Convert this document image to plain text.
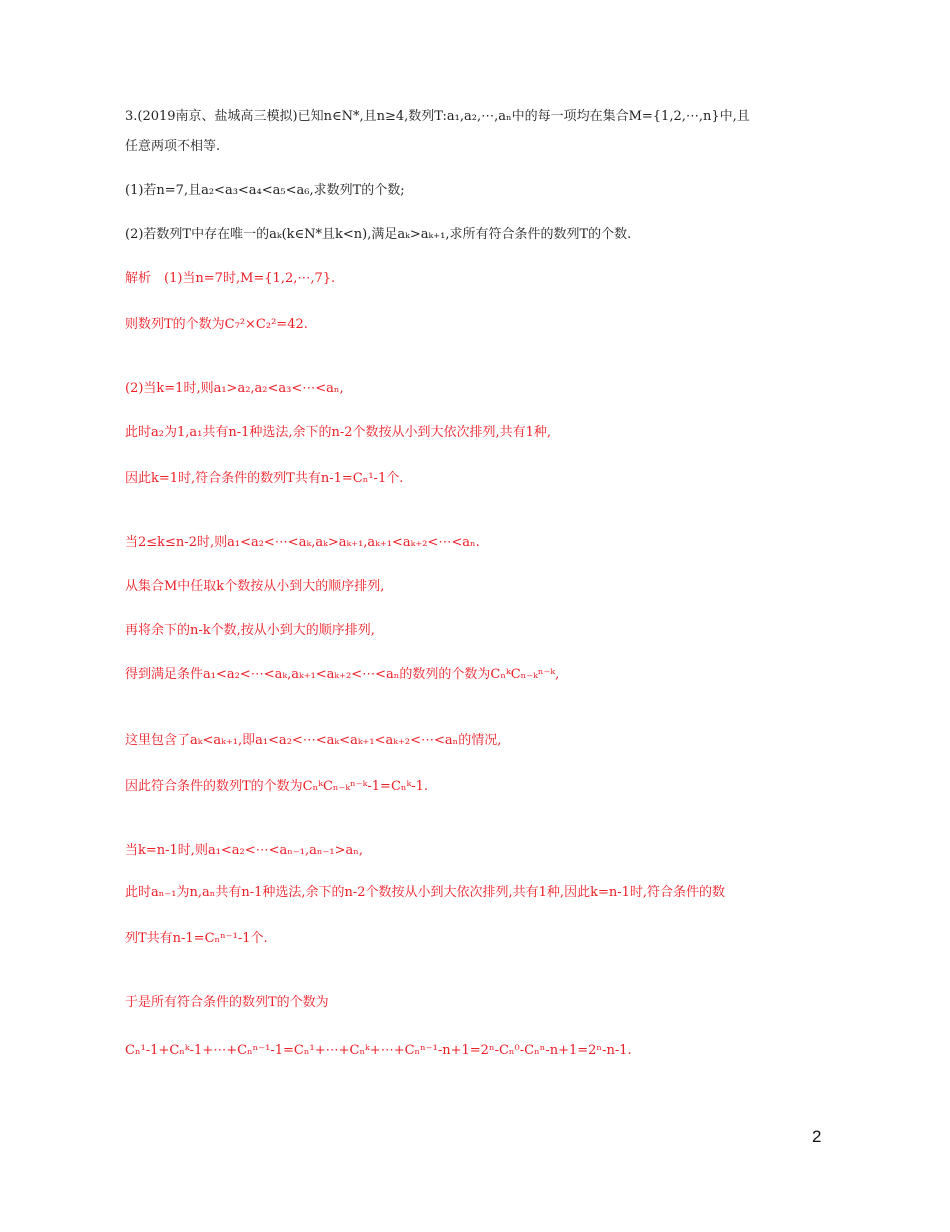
3.(2019南京、盐城高三模拟)已知n∈N*,且n≥4,数列T:a₁,a₂,⋯,aₙ中的每一项均在集合M={1,2,⋯,n}中,且
任意两项不相等.
(1)若n=7,且a₂<a₃<a₄<a₅<a₆,求数列T的个数;
(2)若数列T中存在唯一的aₖ(k∈N*且k<n),满足aₖ>aₖ₊₁,求所有符合条件的数列T的个数.
解析　(1)当n=7时,M={1,2,⋯,7}.
则数列T的个数为C₇²×C₂²=42.
(2)当k=1时,则a₁>a₂,a₂<a₃<⋯<aₙ,
此时a₂为1,a₁共有n-1种选法,余下的n-2个数按从小到大依次排列,共有1种,
因此k=1时,符合条件的数列T共有n-1=Cₙ¹-1个.
当2≤k≤n-2时,则a₁<a₂<⋯<aₖ,aₖ>aₖ₊₁,aₖ₊₁<aₖ₊₂<⋯<aₙ.
从集合M中任取k个数按从小到大的顺序排列,
再将余下的n-k个数,按从小到大的顺序排列,
得到满足条件a₁<a₂<⋯<aₖ,aₖ₊₁<aₖ₊₂<⋯<aₙ的数列的个数为CₙᵏCₙ₋ₖⁿ⁻ᵏ,
这里包含了aₖ<aₖ₊₁,即a₁<a₂<⋯<aₖ<aₖ₊₁<aₖ₊₂<⋯<aₙ的情况,
因此符合条件的数列T的个数为CₙᵏCₙ₋ₖⁿ⁻ᵏ-1=Cₙᵏ-1.
当k=n-1时,则a₁<a₂<⋯<aₙ₋₁,aₙ₋₁>aₙ,
此时aₙ₋₁为n,aₙ共有n-1种选法,余下的n-2个数按从小到大依次排列,共有1种,因此k=n-1时,符合条件的数
列T共有n-1=Cₙⁿ⁻¹-1个.
于是所有符合条件的数列T的个数为
Cₙ¹-1+Cₙᵏ-1+⋯+Cₙⁿ⁻¹-1=Cₙ¹+⋯+Cₙᵏ+⋯+Cₙⁿ⁻¹-n+1=2ⁿ-Cₙ⁰-Cₙⁿ-n+1=2ⁿ-n-1.
2
